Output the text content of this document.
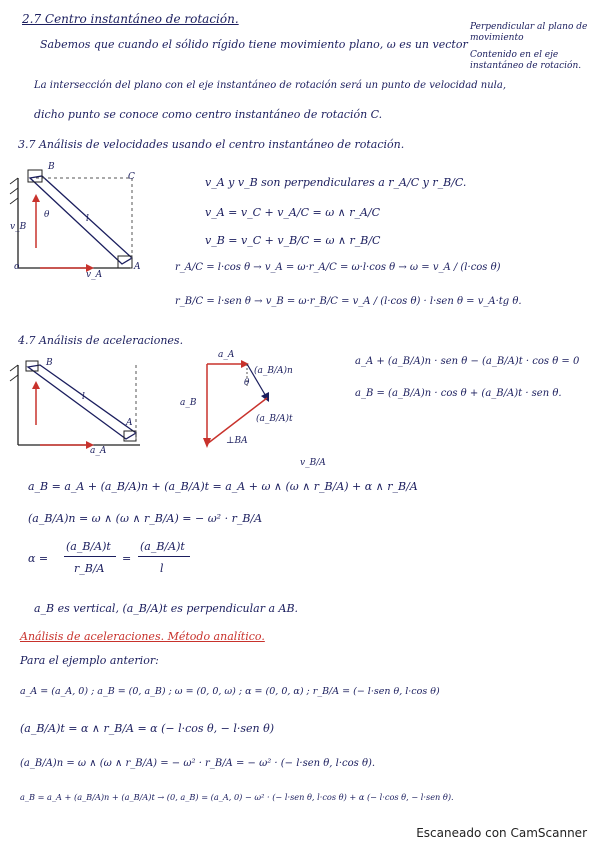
2.7 Centro instantáneo de rotación.
Sabemos que cuando el sólido rígido tiene movimiento plano, ω es un vector
Perpendicular al plano de movimiento
Contenido en el eje instantáneo de rotación.
La intersección del plano con el eje instantáneo de rotación será un punto de velocidad nula,
dicho punto se conoce como centro instantáneo de rotación C.
3.7 Análisis de velocidades usando el centro instantáneo de rotación.
B
C
θ	l
v_B
o
v_A
A
v_A y v_B son perpendiculares a r_A/C y r_B/C.
v_A = v_C + v_A/C = ω ∧ r_A/C
v_B = v_C + v_B/C = ω ∧ r_B/C
r_A/C = l·cos θ → v_A = ω·r_A/C = ω·l·cos θ → ω = v_A / (l·cos θ)
r_B/C = l·sen θ → v_B = ω·r_B/C = v_A / (l·cos θ) · l·sen θ = v_A·tg θ.
4.7 Análisis de aceleraciones.
B
l
A
a_A
a_A
θ
(a_B/A)n
a_B
(a_B/A)t
⊥BA
a_A + (a_B/A)n · sen θ − (a_B/A)t · cos θ = 0
a_B = (a_B/A)n · cos θ + (a_B/A)t · sen θ.
v_B/A
a_B = a_A + (a_B/A)n + (a_B/A)t = a_A + ω ∧ (ω ∧ r_B/A) + α ∧ r_B/A
(a_B/A)n = ω ∧ (ω ∧ r_B/A) = − ω² · r_B/A
α =
(a_B/A)t
r_B/A
=
(a_B/A)t
l
a_B es vertical, (a_B/A)t es perpendicular a AB.
Análisis de aceleraciones. Método analítico.
Para el ejemplo anterior:
a_A = (a_A, 0) ; a_B = (0, a_B) ; ω = (0, 0, ω) ; α = (0, 0, α) ; r_B/A = (− l·sen θ, l·cos θ)
(a_B/A)t = α ∧ r_B/A = α (− l·cos θ, − l·sen θ)
(a_B/A)n = ω ∧ (ω ∧ r_B/A) = − ω² · r_B/A = − ω² · (− l·sen θ, l·cos θ).
a_B = a_A + (a_B/A)n + (a_B/A)t → (0, a_B) = (a_A, 0) − ω² · (− l·sen θ, l·cos θ) + α (− l·cos θ, − l·sen θ).
Escaneado con CamScanner
